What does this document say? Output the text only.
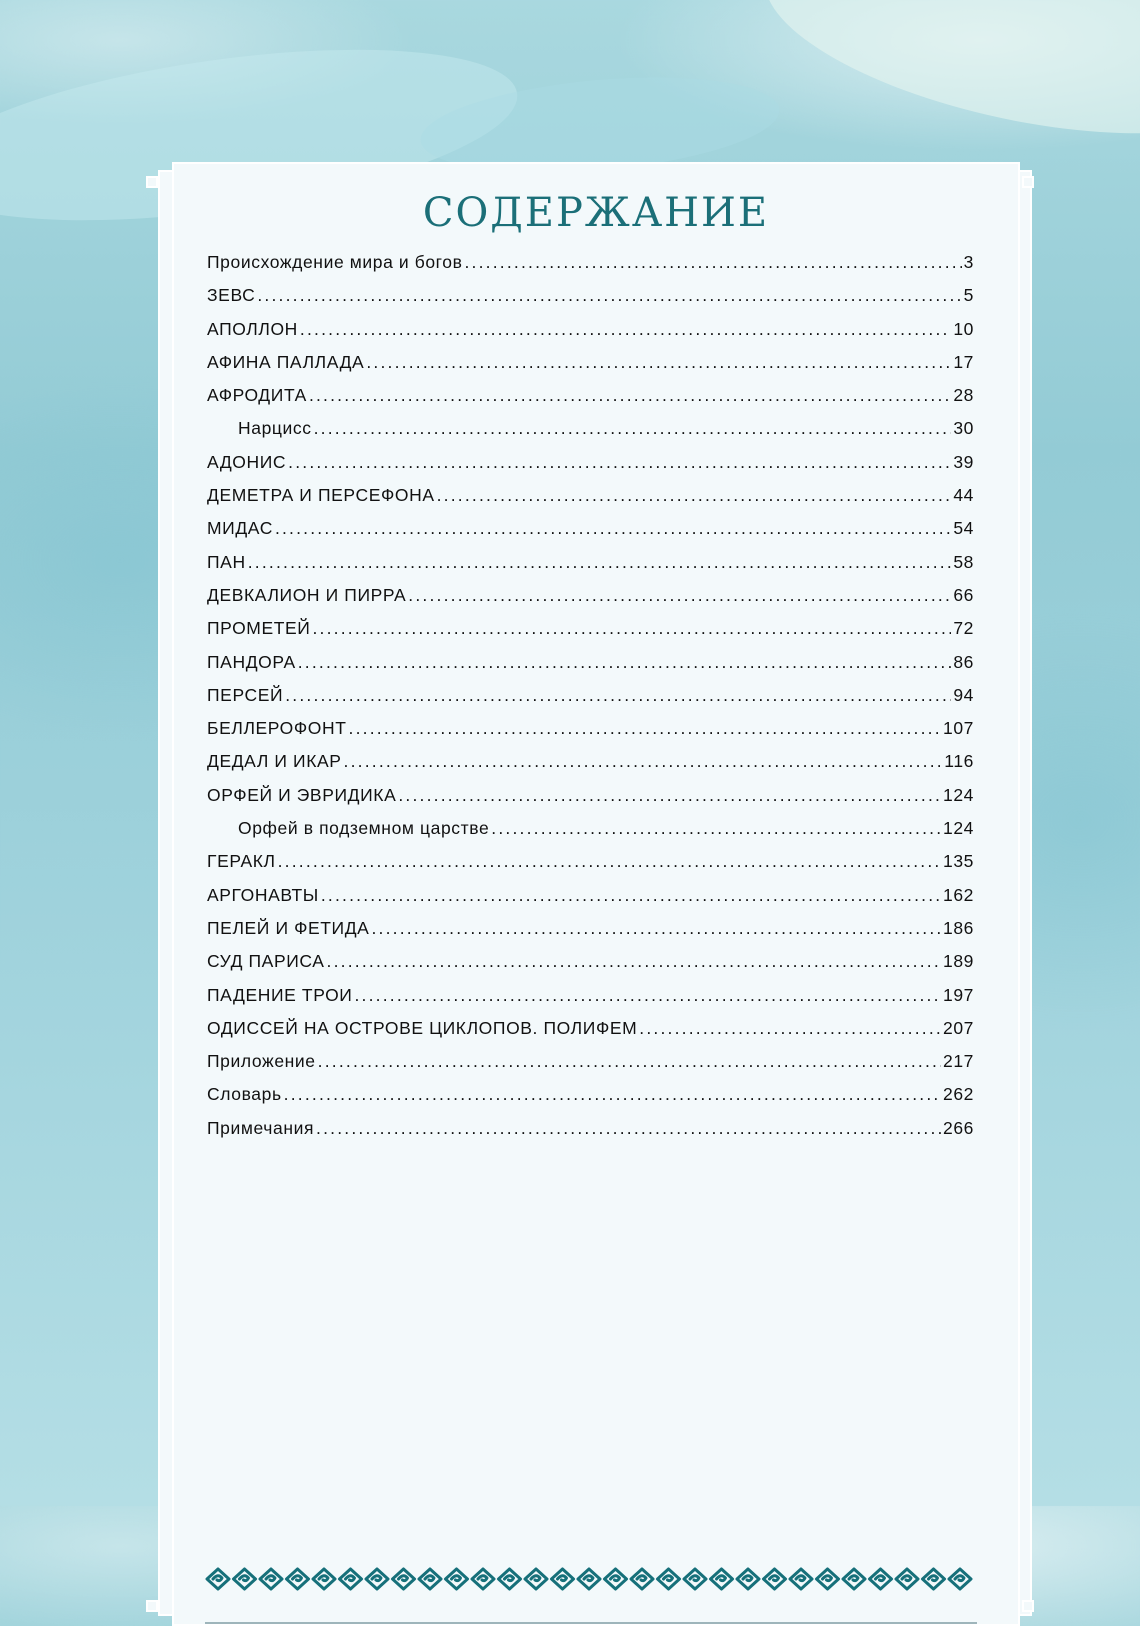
СОДЕРЖАНИЕ
Происхождение мира и богов .....	3
ЗЕВС .....	5
АПОЛЛОН .....	10
АФИНА ПАЛЛАДА .....	17
АФРОДИТА .....	28
Нарцисс .....	30
АДОНИС .....	39
ДЕМЕТРА И ПЕРСЕФОНА .....	44
МИДАС .....	54
ПАН .....	58
ДЕВКАЛИОН И ПИРРА .....	66
ПРОМЕТЕЙ .....	72
ПАНДОРА .....	86
ПЕРСЕЙ .....	94
БЕЛЛЕРОФОНТ .....	107
ДЕДАЛ И ИКАР .....	116
ОРФЕЙ И ЭВРИДИКА .....	124
Орфей в подземном царстве .....	124
ГЕРАКЛ .....	135
АРГОНАВТЫ .....	162
ПЕЛЕЙ И ФЕТИДА .....	186
СУД ПАРИСА .....	189
ПАДЕНИЕ ТРОИ .....	197
ОДИССЕЙ НА ОСТРОВЕ ЦИКЛОПОВ. ПОЛИФЕМ .....	207
Приложение .....	217
Словарь .....	262
Примечания .....	266
